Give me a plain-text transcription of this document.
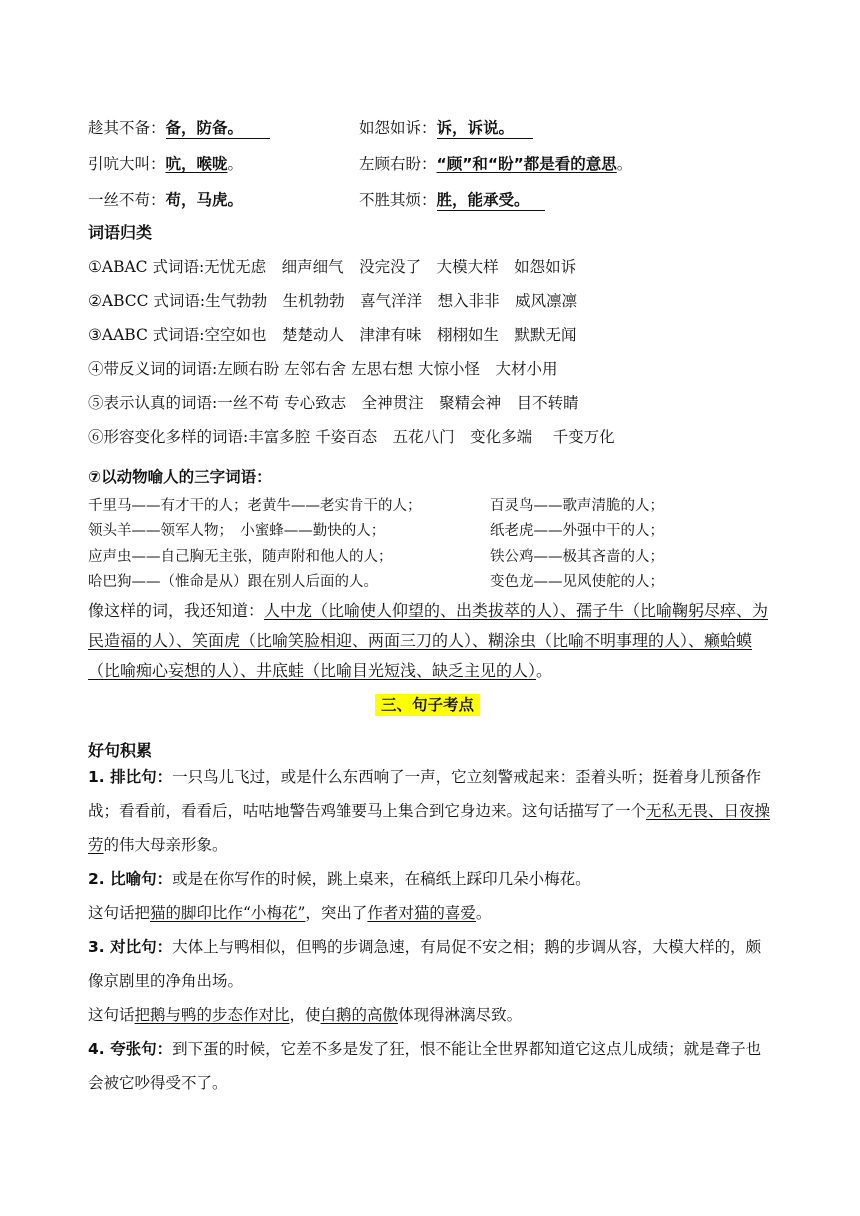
趁其不备：备，防备。	如怨如诉：诉，诉说。
引吭大叫：吭，喉咙。	左顾右盼：“顾”和“盼”都是看的意思。
一丝不苟：苟，马虎。	不胜其烦：胜，能承受。
词语归类
①ABAC 式词语:无忧无虑　细声细气　没完没了　大模大样　如怨如诉
②ABCC 式词语:生气勃勃　生机勃勃　喜气洋洋　想入非非　威风凛凛
③AABC 式词语:空空如也　楚楚动人　津津有味　栩栩如生　默默无闻
④带反义词的词语:左顾右盼 左邻右舍 左思右想 大惊小怪　大材小用
⑤表示认真的词语:一丝不苟 专心致志　全神贯注　聚精会神　目不转睛
⑥形容变化多样的词语:丰富多腔 千姿百态　五花八门　变化多端　 千变万化
⑦以动物喻人的三字词语：
千里马——有才干的人；老黄牛——老实肯干的人；	百灵鸟——歌声清脆的人；
领头羊——领军人物；　小蜜蜂——勤快的人；	纸老虎——外强中干的人；
应声虫——自己胸无主张，随声附和他人的人；	铁公鸡——极其吝啬的人；
哈巴狗——（惟命是从）跟在别人后面的人。	变色龙——见风使舵的人；
像这样的词，我还知道：人中龙（比喻使人仰望的、出类拔萃的人）、孺子牛（比喻鞠躬尽瘁、为民造福的人）、笑面虎（比喻笑脸相迎、两面三刀的人）、糊涂虫（比喻不明事理的人）、癞蛤蟆（比喻痴心妄想的人）、井底蛙（比喻目光短浅、缺乏主见的人）。
三、句子考点
好句积累
1. 排比句：一只鸟儿飞过，或是什么东西响了一声，它立刻警戒起来：歪着头听；挺着身儿预备作战；看看前，看看后，咕咕地警告鸡雏要马上集合到它身边来。这句话描写了一个无私无畏、日夜操劳的伟大母亲形象。
2. 比喻句：或是在你写作的时候，跳上桌来，在稿纸上踩印几朵小梅花。
这句话把猫的脚印比作“小梅花”，突出了作者对猫的喜爱。
3. 对比句：大体上与鸭相似，但鸭的步调急速，有局促不安之相；鹅的步调从容，大模大样的，颇像京剧里的净角出场。
这句话把鹅与鸭的步态作对比，使白鹅的高傲体现得淋漓尽致。
4. 夸张句：到下蛋的时候，它差不多是发了狂，恨不能让全世界都知道它这点儿成绩；就是聋子也会被它吵得受不了。
